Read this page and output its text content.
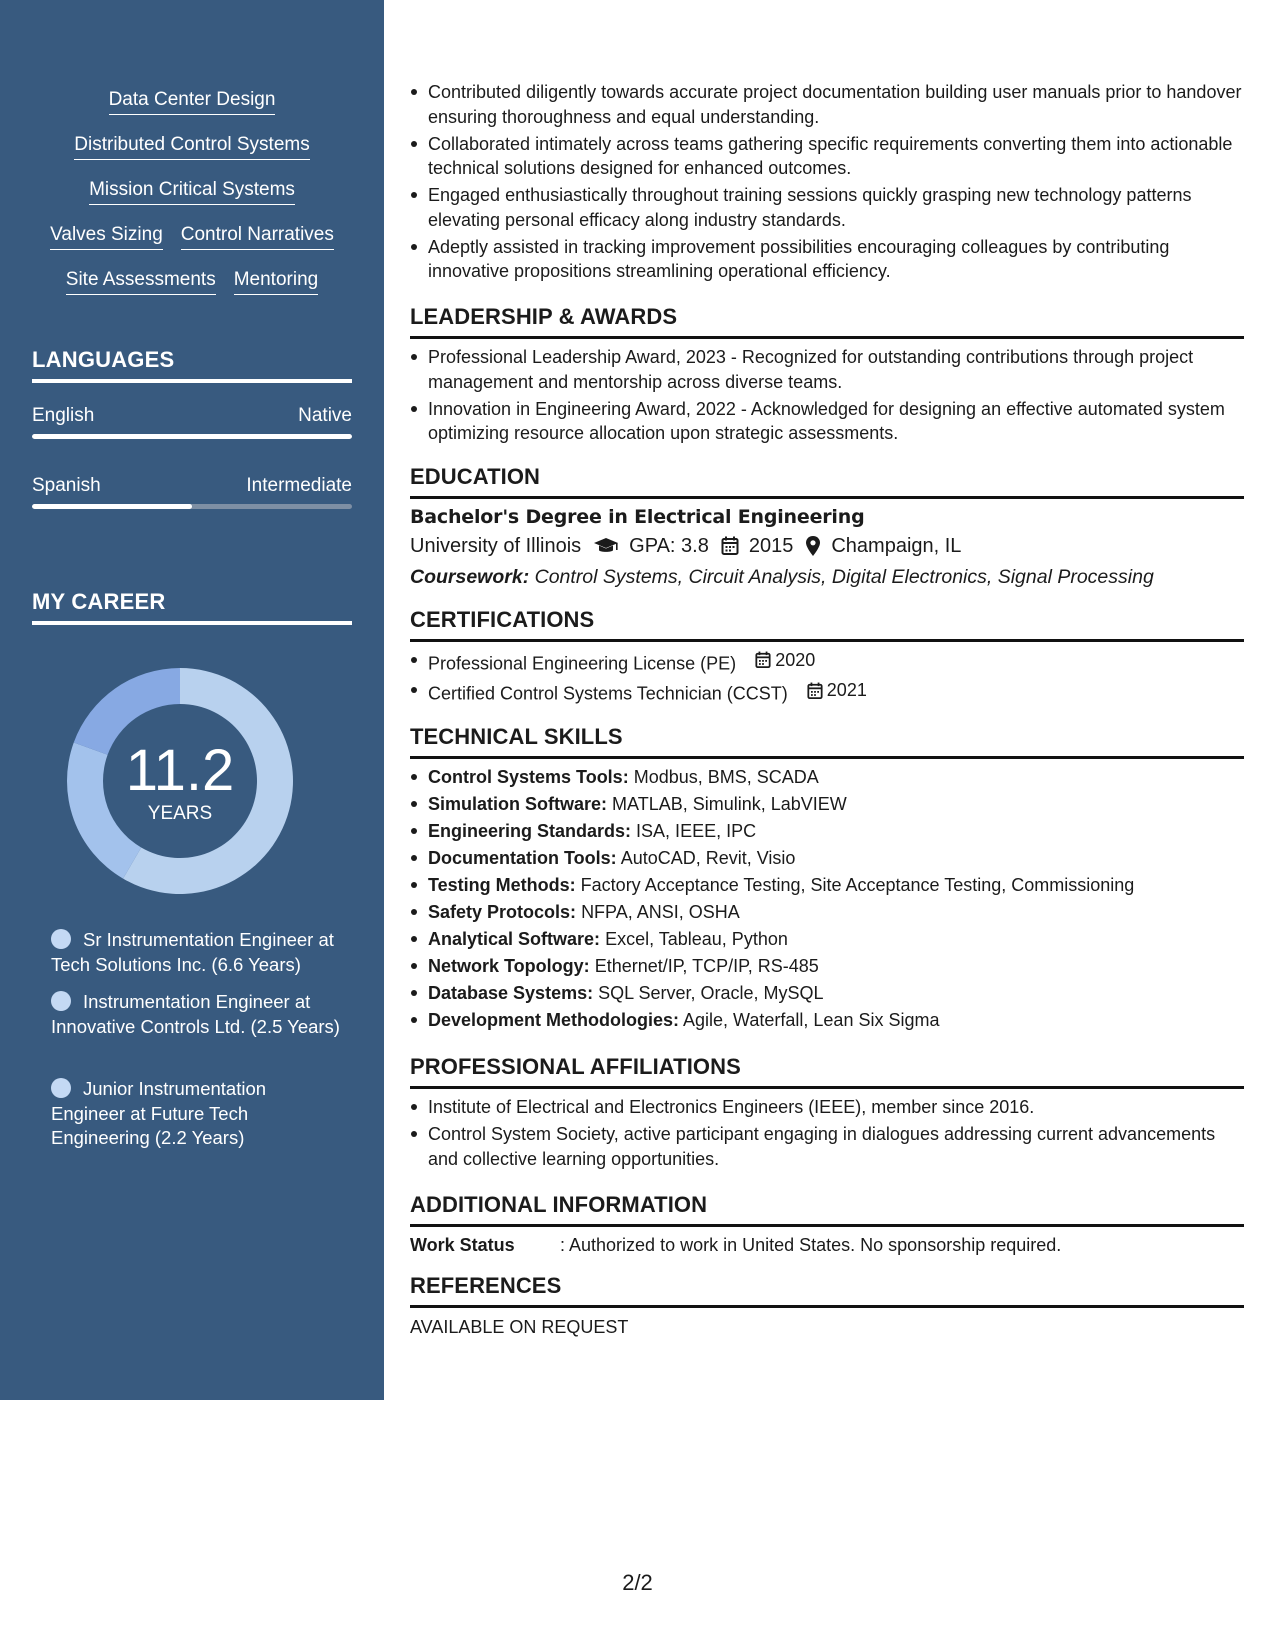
Data Center Design
Distributed Control Systems
Mission Critical Systems
Valves Sizing Control Narratives
Site Assessments Mentoring
LANGUAGES
English	Native
Spanish	Intermediate
MY CAREER
11.2
YEARS
Sr Instrumentation Engineer at Tech Solutions Inc. (6.6 Years)
Instrumentation Engineer at Innovative Controls Ltd. (2.5 Years)
Junior Instrumentation Engineer at Future Tech Engineering (2.2 Years)
Contributed diligently towards accurate project documentation building user manuals prior to handover ensuring thoroughness and equal understanding.
Collaborated intimately across teams gathering specific requirements converting them into actionable technical solutions designed for enhanced outcomes.
Engaged enthusiastically throughout training sessions quickly grasping new technology patterns elevating personal efficacy along industry standards.
Adeptly assisted in tracking improvement possibilities encouraging colleagues by contributing innovative propositions streamlining operational efficiency.
LEADERSHIP & AWARDS
Professional Leadership Award, 2023 - Recognized for outstanding contributions through project management and mentorship across diverse teams.
Innovation in Engineering Award, 2022 - Acknowledged for designing an effective automated system optimizing resource allocation upon strategic assessments.
EDUCATION
Bachelor's Degree in Electrical Engineering
University of Illinois GPA: 3.8 2015 Champaign, IL
Coursework: Control Systems, Circuit Analysis, Digital Electronics, Signal Processing
CERTIFICATIONS
Professional Engineering License (PE) 2020
Certified Control Systems Technician (CCST) 2021
TECHNICAL SKILLS
Control Systems Tools: Modbus, BMS, SCADA
Simulation Software: MATLAB, Simulink, LabVIEW
Engineering Standards: ISA, IEEE, IPC
Documentation Tools: AutoCAD, Revit, Visio
Testing Methods: Factory Acceptance Testing, Site Acceptance Testing, Commissioning
Safety Protocols: NFPA, ANSI, OSHA
Analytical Software: Excel, Tableau, Python
Network Topology: Ethernet/IP, TCP/IP, RS-485
Database Systems: SQL Server, Oracle, MySQL
Development Methodologies: Agile, Waterfall, Lean Six Sigma
PROFESSIONAL AFFILIATIONS
Institute of Electrical and Electronics Engineers (IEEE), member since 2016.
Control System Society, active participant engaging in dialogues addressing current advancements and collective learning opportunities.
ADDITIONAL INFORMATION
Work Status	: Authorized to work in United States. No sponsorship required.
REFERENCES
AVAILABLE ON REQUEST
2/2
